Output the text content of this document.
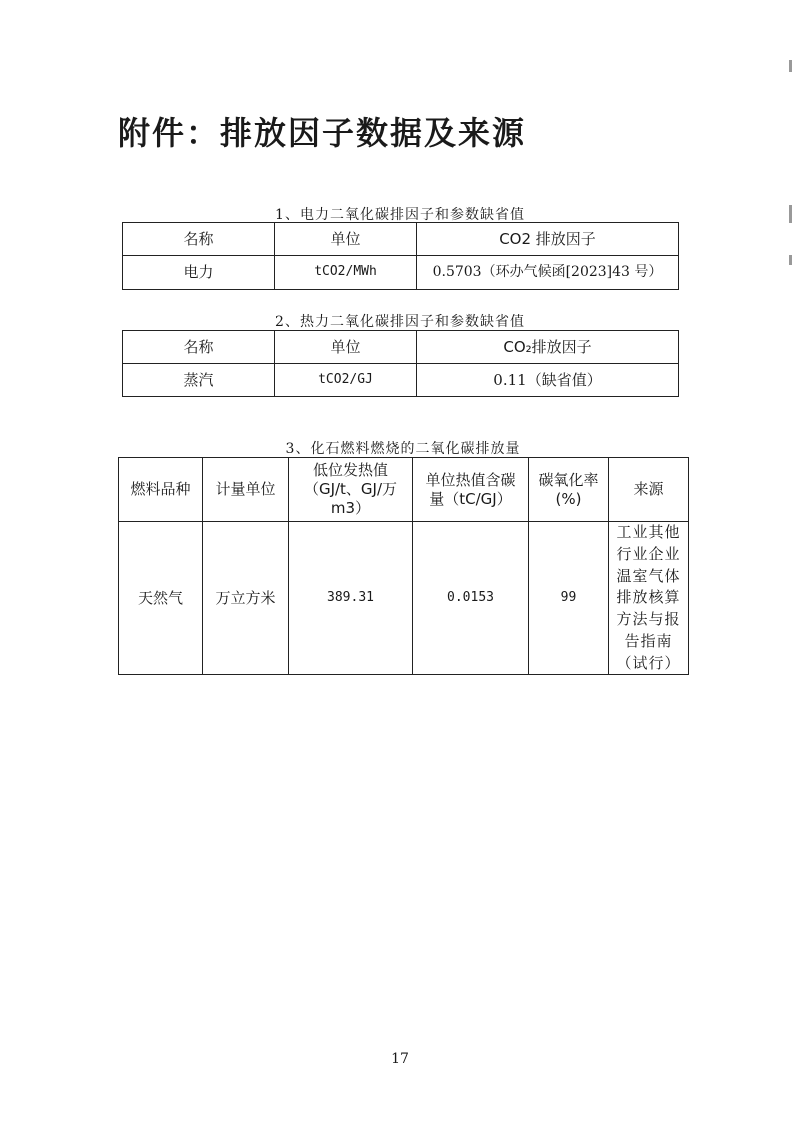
附件：排放因子数据及来源
1、电力二氧化碳排因子和参数缺省值
名称	单位	CO2 排放因子
电力	tCO2/MWh	0.5703（环办气候函[2023]43 号）
2、热力二氧化碳排因子和参数缺省值
名称	单位	CO₂排放因子
蒸汽	tCO2/GJ	0.11（缺省值）
3、化石燃料燃烧的二氧化碳排放量
燃料品种	计量单位	低位发热值（GJ/t、GJ/万m3）	单位热值含碳量（tC/GJ）	碳氧化率(%)	来源
天然气	万立方米	389.31	0.0153	99	工业其他行业企业温室气体排放核算方法与报告指南（试行）
17
